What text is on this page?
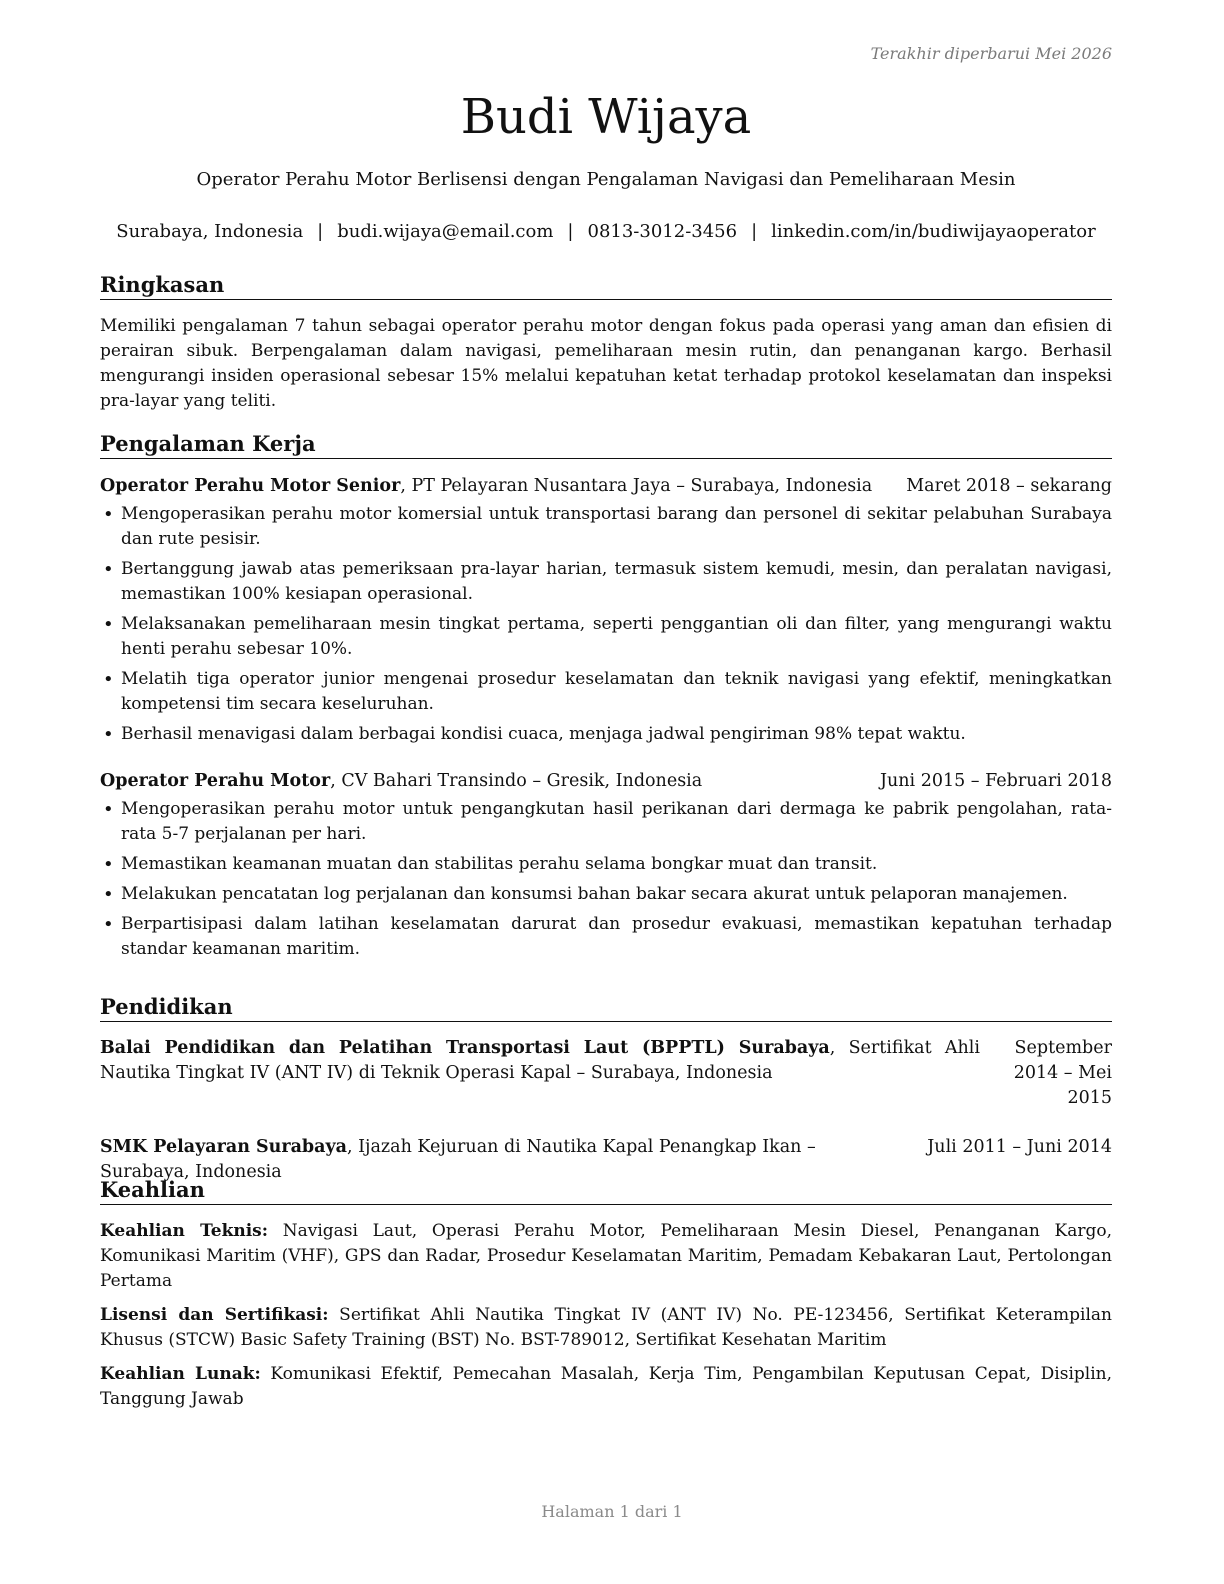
Terakhir diperbarui Mei 2026
Budi Wijaya
Operator Perahu Motor Berlisensi dengan Pengalaman Navigasi dan Pemeliharaan Mesin
Surabaya, Indonesia | budi.wijaya@email.com | 0813-3012-3456 | linkedin.com/in/budiwijayaoperator
Ringkasan

Memiliki pengalaman 7 tahun sebagai operator perahu motor dengan fokus pada operasi yang aman dan efisien di perairan sibuk. Berpengalaman dalam navigasi, pemeliharaan mesin rutin, dan penanganan kargo. Berhasil mengurangi insiden operasional sebesar 15% melalui kepatuhan ketat terhadap protokol keselamatan dan inspeksi pra-layar yang teliti.

Pengalaman Kerja
Operator Perahu Motor Senior, PT Pelayaran Nusantara Jaya – Surabaya, Indonesia Maret 2018 – sekarang
• Mengoperasikan perahu motor komersial untuk transportasi barang dan personel di sekitar pelabuhan Surabaya dan rute pesisir.
• Bertanggung jawab atas pemeriksaan pra-layar harian, termasuk sistem kemudi, mesin, dan peralatan navigasi, memastikan 100% kesiapan operasional.
• Melaksanakan pemeliharaan mesin tingkat pertama, seperti penggantian oli dan filter, yang mengurangi waktu henti perahu sebesar 10%.
• Melatih tiga operator junior mengenai prosedur keselamatan dan teknik navigasi yang efektif, meningkatkan kompetensi tim secara keseluruhan.
• Berhasil menavigasi dalam berbagai kondisi cuaca, menjaga jadwal pengiriman 98% tepat waktu.
Operator Perahu Motor, CV Bahari Transindo – Gresik, Indonesia	Juni 2015 – Februari 2018
• Mengoperasikan perahu motor untuk pengangkutan hasil perikanan dari dermaga ke pabrik pengolahan, rata-rata 5-7 perjalanan per hari.
• Memastikan keamanan muatan dan stabilitas perahu selama bongkar muat dan transit.
• Melakukan pencatatan log perjalanan dan konsumsi bahan bakar secara akurat untuk pelaporan manajemen.
• Berpartisipasi dalam latihan keselamatan darurat dan prosedur evakuasi, memastikan kepatuhan terhadap standar keamanan maritim.
Pendidikan
Balai Pendidikan dan Pelatihan Transportasi Laut (BPPTL) Surabaya, Sertifikat Ahli Nautika Tingkat IV (ANT IV) di Teknik Operasi Kapal – Surabaya, Indonesia
September 2014 – Mei 2015
SMK Pelayaran Surabaya, Ijazah Kejuruan di Nautika Kapal Penangkap Ikan – Surabaya, Indonesia
Juli 2011 – Juni 2014
Keahlian

Keahlian Teknis: Navigasi Laut, Operasi Perahu Motor, Pemeliharaan Mesin Diesel, Penanganan Kargo, Komunikasi Maritim (VHF), GPS dan Radar, Prosedur Keselamatan Maritim, Pemadam Kebakaran Laut, Pertolongan Pertama

Lisensi dan Sertifikasi: Sertifikat Ahli Nautika Tingkat IV (ANT IV) No. PE-123456, Sertifikat Keterampilan Khusus (STCW) Basic Safety Training (BST) No. BST-789012, Sertifikat Kesehatan Maritim

Keahlian Lunak: Komunikasi Efektif, Pemecahan Masalah, Kerja Tim, Pengambilan Keputusan Cepat, Disiplin, Tanggung Jawab

Halaman 1 dari 1
